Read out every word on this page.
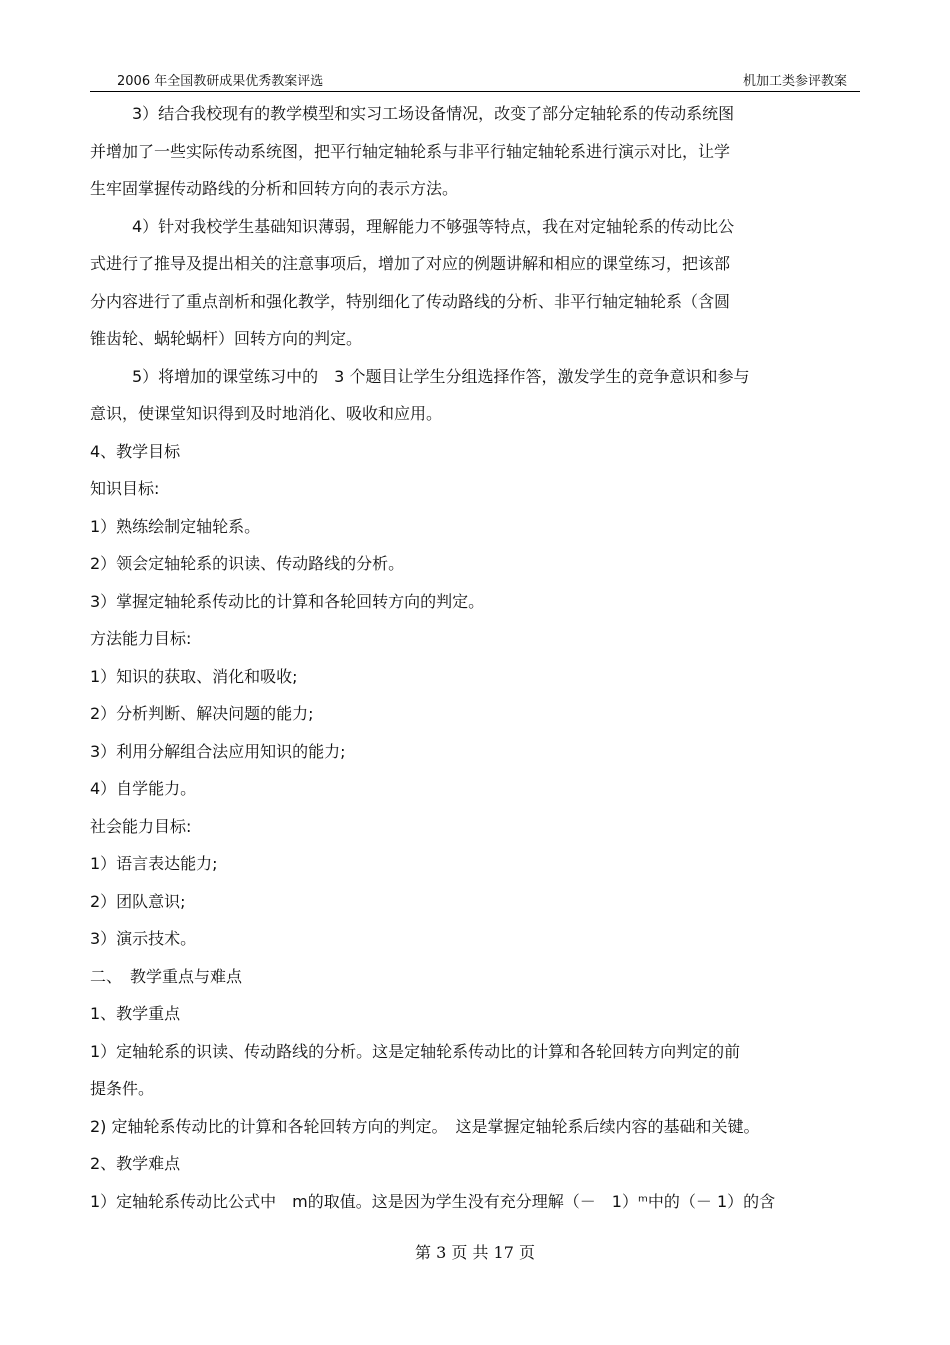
2006 年全国教研成果优秀教案评选	机加工类参评教案
3）结合我校现有的教学模型和实习工场设备情况，改变了部分定轴轮系的传动系统图
并增加了一些实际传动系统图，把平行轴定轴轮系与非平行轴定轴轮系进行演示对比，让学
生牢固掌握传动路线的分析和回转方向的表示方法。
4）针对我校学生基础知识薄弱，理解能力不够强等特点，我在对定轴轮系的传动比公
式进行了推导及提出相关的注意事项后，增加了对应的例题讲解和相应的课堂练习，把该部
分内容进行了重点剖析和强化教学，特别细化了传动路线的分析、非平行轴定轴轮系（含圆
锥齿轮、蜗轮蜗杆）回转方向的判定。
5）将增加的课堂练习中的　3 个题目让学生分组选择作答，激发学生的竞争意识和参与
意识，使课堂知识得到及时地消化、吸收和应用。
4、教学目标
知识目标:
1）熟练绘制定轴轮系。
2）领会定轴轮系的识读、传动路线的分析。
3）掌握定轴轮系传动比的计算和各轮回转方向的判定。
方法能力目标:
1）知识的获取、消化和吸收;
2）分析判断、解决问题的能力;
3）利用分解组合法应用知识的能力;
4）自学能力。
社会能力目标:
1）语言表达能力;
2）团队意识;
3）演示技术。
二、　教学重点与难点
1、教学重点
1）定轴轮系的识读、传动路线的分析。这是定轴轮系传动比的计算和各轮回转方向判定的前
提条件。
2) 定轴轮系传动比的计算和各轮回转方向的判定。　这是掌握定轴轮系后续内容的基础和关键。
2、教学难点
1）定轴轮系传动比公式中　m的取值。这是因为学生没有充分理解（－　1）ᵐ中的（－ 1）的含
第 3 页 共 17 页
